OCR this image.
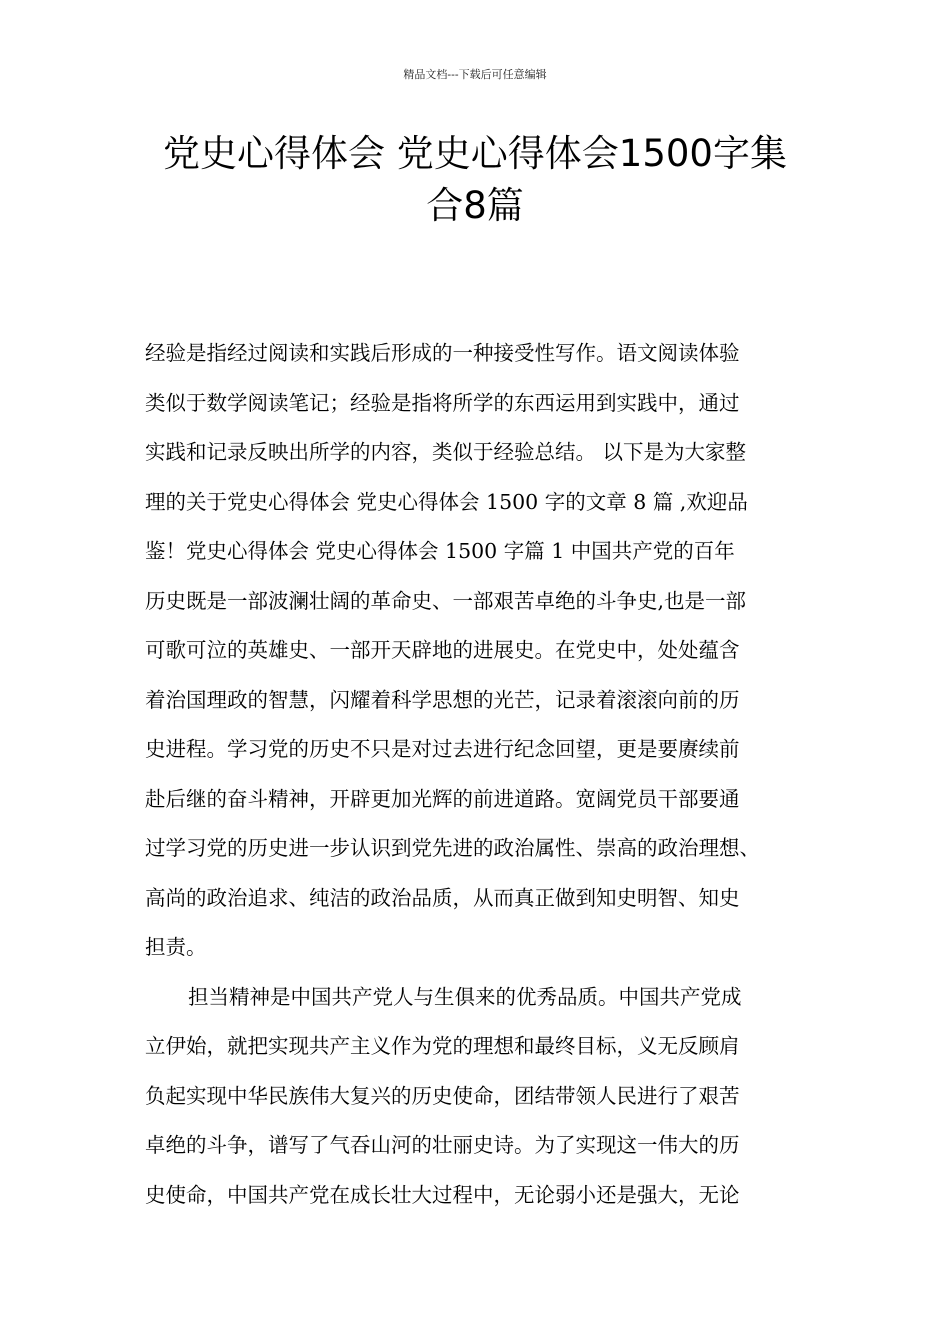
精品文档---下载后可任意编辑
党史心得体会 党史心得体会1500字集
合8篇
经验是指经过阅读和实践后形成的一种接受性写作。语文阅读体验
类似于数学阅读笔记；经验是指将所学的东西运用到实践中，通过
实践和记录反映出所学的内容，类似于经验总结。 以下是为大家整
理的关于党史心得体会 党史心得体会 1500 字的文章 8 篇 ,欢迎品
鉴！党史心得体会 党史心得体会 1500 字篇 1 中国共产党的百年
历史既是一部波澜壮阔的革命史、一部艰苦卓绝的斗争史,也是一部
可歌可泣的英雄史、一部开天辟地的进展史。在党史中，处处蕴含
着治国理政的智慧，闪耀着科学思想的光芒，记录着滚滚向前的历
史进程。学习党的历史不只是对过去进行纪念回望，更是要赓续前
赴后继的奋斗精神，开辟更加光辉的前进道路。宽阔党员干部要通
过学习党的历史进一步认识到党先进的政治属性、崇高的政治理想、
高尚的政治追求、纯洁的政治品质，从而真正做到知史明智、知史
担责。
担当精神是中国共产党人与生俱来的优秀品质。中国共产党成
立伊始，就把实现共产主义作为党的理想和最终目标，义无反顾肩
负起实现中华民族伟大复兴的历史使命，团结带领人民进行了艰苦
卓绝的斗争，谱写了气吞山河的壮丽史诗。为了实现这一伟大的历
史使命，中国共产党在成长壮大过程中，无论弱小还是强大，无论
